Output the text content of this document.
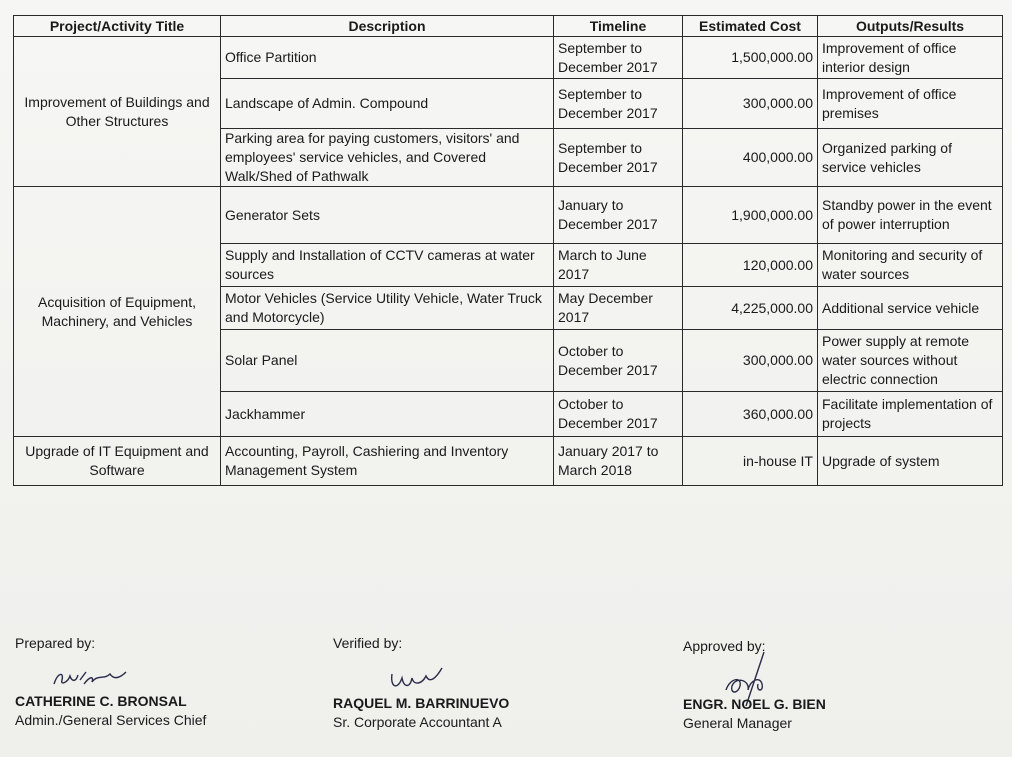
Project/Activity Title	Description	Timeline	Estimated Cost	Outputs/Results
Improvement of Buildings and Other Structures	Office Partition	September to December 2017	1,500,000.00	Improvement of office interior design
	Landscape of Admin. Compound	September to December 2017	300,000.00	Improvement of office premises
	Parking area for paying customers, visitors' and employees' service vehicles, and Covered Walk/Shed of Pathwalk	September to December 2017	400,000.00	Organized parking of service vehicles
Acquisition of Equipment, Machinery, and Vehicles	Generator Sets	January to December 2017	1,900,000.00	Standby power in the event of power interruption
	Supply and Installation of CCTV cameras at water sources	March to June 2017	120,000.00	Monitoring and security of water sources
	Motor Vehicles (Service Utility Vehicle, Water Truck and Motorcycle)	May December 2017	4,225,000.00	Additional service vehicle
	Solar Panel	October to December 2017	300,000.00	Power supply at remote water sources without electric connection
	Jackhammer	October to December 2017	360,000.00	Facilitate implementation of projects
Upgrade of IT Equipment and Software	Accounting, Payroll, Cashiering and Inventory Management System	January 2017 to March 2018	in-house IT	Upgrade of system
Prepared by:
CATHERINE C. BRONSAL
Admin./General Services Chief
Verified by:
RAQUEL M. BARRINUEVO
Sr. Corporate Accountant A
Approved by:
ENGR. NOEL G. BIEN
General Manager
